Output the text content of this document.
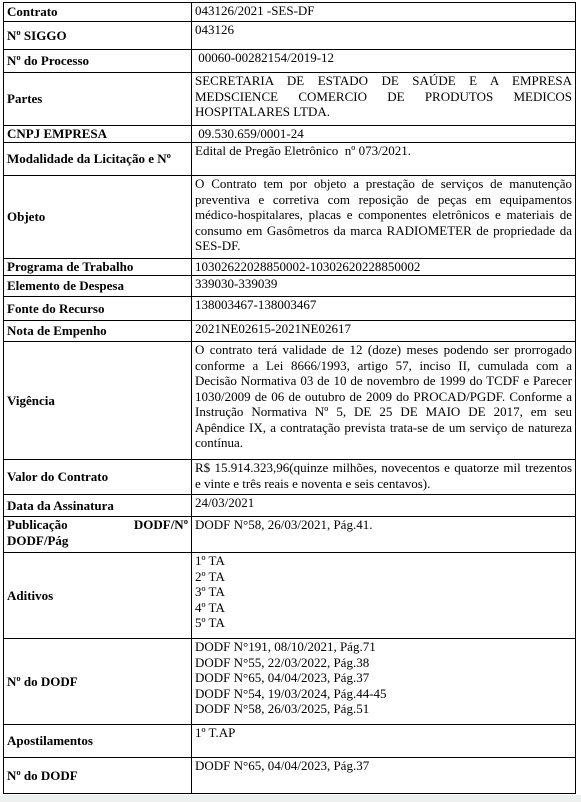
Contrato	043126/2021 -SES-DF
Nº SIGGO	043126
Nº do Processo	00060-00282154/2019-12
Partes	SECRETARIA DE ESTADO DE SAÚDE E A EMPRESA MEDSCIENCE COMERCIO DE PRODUTOS MEDICOS HOSPITALARES LTDA.
CNPJ EMPRESA	09.530.659/0001-24
Modalidade da Licitação e Nº	Edital de Pregão Eletrônico  nº 073/2021.
Objeto	O Contrato tem por objeto a prestação de serviços de manutenção preventiva e corretiva com reposição de peças em equipamentos médico-hospitalares, placas e componentes eletrônicos e materiais de consumo em Gasômetros da marca RADIOMETER de propriedade da SES-DF.
Programa de Trabalho	10302622028850002-10302620228850002
Elemento de Despesa	339030-339039
Fonte do Recurso	138003467-138003467
Nota de Empenho	2021NE02615-2021NE02617
Vigência	O contrato terá validade de 12 (doze) meses podendo ser prorrogado conforme a Lei 8666/1993, artigo 57, inciso II, cumulada com a Decisão Normativa 03 de 10 de novembro de 1999 do TCDF e Parecer 1030/2009 de 06 de outubro de 2009 do PROCAD/PGDF. Conforme a Instrução Normativa Nº 5, DE 25 DE MAIO DE 2017, em seu Apêndice IX, a contratação prevista trata-se de um serviço de natureza contínua.
Valor do Contrato	R$ 15.914.323,96(quinze milhões, novecentos e quatorze mil trezentos e vinte e três reais e noventa e seis centavos).
Data da Assinatura	24/03/2021
Publicação DODF/Nº DODF/Pág	DODF N°58, 26/03/2021, Pág.41.
Aditivos	1º TA
2º TA
3º TA
4º TA
5º TA

Nº do DODF	DODF N°191, 08/10/2021, Pág.71
DODF N°55, 22/03/2022, Pág.38
DODF N°65, 04/04/2023, Pág.37
DODF N°54, 19/03/2024, Pág.44-45
DODF N°58, 26/03/2025, Pág.51

Apostilamentos	1º T.AP
Nº do DODF	DODF N°65, 04/04/2023, Pág.37
